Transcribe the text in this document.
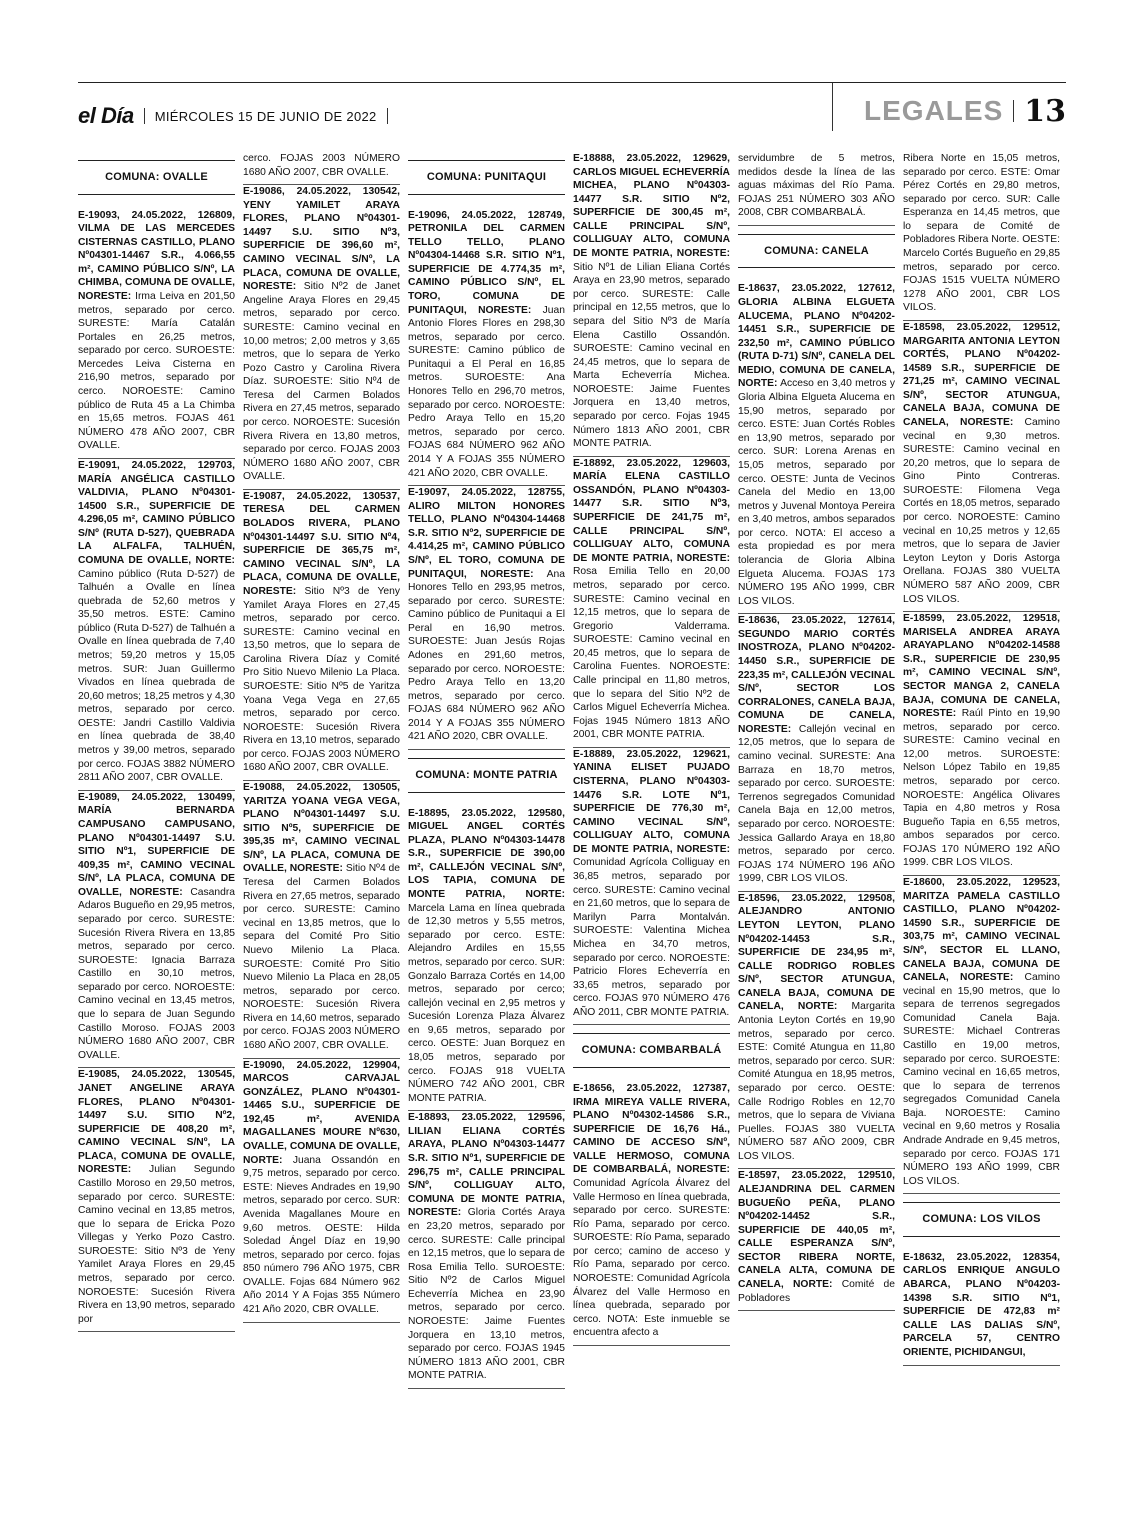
el Día MIÉRCOLES 15 DE JUNIO DE 2022	LEGALES 13
COMUNA: OVALLE

E-19093, 24.05.2022, 126809, VILMA DE LAS MERCEDES CISTERNAS CASTILLO, PLANO Nº04301-14467 S.R., 4.066,55 m², CAMINO PÚBLICO S/Nº, LA CHIMBA, COMUNA DE OVALLE, NORESTE: Irma Leiva en 201,50 metros, separado por cerco. SURESTE: María Catalán Portales en 26,25 metros, separado por cerco. SUROESTE: Mercedes Leiva Cisterna en 216,90 metros, separado por cerco. NOROESTE: Camino público de Ruta 45 a La Chimba en 15,65 metros. FOJAS 461 NÚMERO 478 AÑO 2007, CBR OVALLE.

E-19091, 24.05.2022, 129703, MARÍA ANGÉLICA CASTILLO VALDIVIA, PLANO Nº04301-14500 S.R., SUPERFICIE DE 4.296,05 m², CAMINO PÚBLICO S/Nº (RUTA D-527), QUEBRADA LA ALFALFA, TALHUÉN, COMUNA DE OVALLE, NORTE: Camino público (Ruta D-527) de Talhuén a Ovalle en línea quebrada de 52,60 metros y 35,50 metros. ESTE: Camino público (Ruta D-527) de Talhuén a Ovalle en línea quebrada de 7,40 metros; 59,20 metros y 15,05 metros. SUR: Juan Guillermo Vivados en línea quebrada de 20,60 metros; 18,25 metros y 4,30 metros, separado por cerco. OESTE: Jandri Castillo Valdivia en línea quebrada de 38,40 metros y 39,00 metros, separado por cerco. FOJAS 3882 NÚMERO 2811 AÑO 2007, CBR OVALLE.

E-19089, 24.05.2022, 130499, MARÍA BERNARDA CAMPUSANO CAMPUSANO, PLANO Nº04301-14497 S.U. SITIO Nº1, SUPERFICIE DE 409,35 m², CAMINO VECINAL S/Nº, LA PLACA, COMUNA DE OVALLE, NORESTE: Casandra Adaros Bugueño en 29,95 metros, separado por cerco. SURESTE: Sucesión Rivera Rivera en 13,85 metros, separado por cerco. SUROESTE: Ignacia Barraza Castillo en 30,10 metros, separado por cerco. NOROESTE: Camino vecinal en 13,45 metros, que lo separa de Juan Segundo Castillo Moroso. FOJAS 2003 NÚMERO 1680 AÑO 2007, CBR OVALLE.

E-19085, 24.05.2022, 130545, JANET ANGELINE ARAYA FLORES, PLANO Nº04301-14497 S.U. SITIO Nº2, SUPERFICIE DE 408,20 m², CAMINO VECINAL S/Nº, LA PLACA, COMUNA DE OVALLE, NORESTE: Julian Segundo Castillo Moroso en 29,50 metros, separado por cerco. SURESTE: Camino vecinal en 13,85 metros, que lo separa de Ericka Pozo Villegas y Yerko Pozo Castro. SUROESTE: Sitio Nº3 de Yeny Yamilet Araya Flores en 29,45 metros, separado por cerco. NOROESTE: Sucesión Rivera Rivera en 13,90 metros, separado por

cerco. FOJAS 2003 NÚMERO 1680 AÑO 2007, CBR OVALLE.

E-19086, 24.05.2022, 130542, YENY YAMILET ARAYA FLORES, PLANO Nº04301-14497 S.U. SITIO Nº3, SUPERFICIE DE 396,60 m², CAMINO VECINAL S/Nº, LA PLACA, COMUNA DE OVALLE, NORESTE: Sitio Nº2 de Janet Angeline Araya Flores en 29,45 metros, separado por cerco. SURESTE: Camino vecinal en 10,00 metros; 2,00 metros y 3,65 metros, que lo separa de Yerko Pozo Castro y Carolina Rivera Díaz. SUROESTE: Sitio Nº4 de Teresa del Carmen Bolados Rivera en 27,45 metros, separado por cerco. NOROESTE: Sucesión Rivera Rivera en 13,80 metros, separado por cerco. FOJAS 2003 NÚMERO 1680 AÑO 2007, CBR OVALLE.

E-19087, 24.05.2022, 130537, TERESA DEL CARMEN BOLADOS RIVERA, PLANO Nº04301-14497 S.U. SITIO Nº4, SUPERFICIE DE 365,75 m², CAMINO VECINAL S/Nº, LA PLACA, COMUNA DE OVALLE, NORESTE: Sitio Nº3 de Yeny Yamilet Araya Flores en 27,45 metros, separado por cerco. SURESTE: Camino vecinal en 13,50 metros, que lo separa de Carolina Rivera Díaz y Comité Pro Sitio Nuevo Milenio La Placa. SUROESTE: Sitio Nº5 de Yaritza Yoana Vega Vega en 27,65 metros, separado por cerco. NOROESTE: Sucesión Rivera Rivera en 13,10 metros, separado por cerco. FOJAS 2003 NÚMERO 1680 AÑO 2007, CBR OVALLE.

E-19088, 24.05.2022, 130505, YARITZA YOANA VEGA VEGA, PLANO Nº04301-14497 S.U. SITIO Nº5, SUPERFICIE DE 395,35 m², CAMINO VECINAL S/Nº, LA PLACA, COMUNA DE OVALLE, NORESTE: Sitio Nº4 de Teresa del Carmen Bolados Rivera en 27,65 metros, separado por cerco. SURESTE: Camino vecinal en 13,85 metros, que lo separa del Comité Pro Sitio Nuevo Milenio La Placa. SUROESTE: Comité Pro Sitio Nuevo Milenio La Placa en 28,05 metros, separado por cerco. NOROESTE: Sucesión Rivera Rivera en 14,60 metros, separado por cerco. FOJAS 2003 NÚMERO 1680 AÑO 2007, CBR OVALLE.

E-19090, 24.05.2022, 129904, MARCOS CARVAJAL GONZÁLEZ, PLANO Nº04301-14465 S.U., SUPERFICIE DE 192,45 m², AVENIDA MAGALLANES MOURE Nº630, OVALLE, COMUNA DE OVALLE, NORTE: Juana Ossandón en 9,75 metros, separado por cerco. ESTE: Nieves Andrades en 19,90 metros, separado por cerco. SUR: Avenida Magallanes Moure en 9,60 metros. OESTE: Hilda Soledad Ángel Díaz en 19,90 metros, separado por cerco. fojas 850 número 796 AÑO 1975, CBR OVALLE. Fojas 684 Número 962 Año 2014 Y A Fojas 355 Número 421 Año 2020, CBR OVALLE.

COMUNA: PUNITAQUI

E-19096, 24.05.2022, 128749, PETRONILA DEL CARMEN TELLO TELLO, PLANO Nº04304-14468 S.R. SITIO Nº1, SUPERFICIE DE 4.774,35 m², CAMINO PÚBLICO S/Nº, EL TORO, COMUNA DE PUNITAQUI, NORESTE: Juan Antonio Flores Flores en 298,30 metros, separado por cerco. SURESTE: Camino público de Punitaqui a El Peral en 16,85 metros. SUROESTE: Ana Honores Tello en 296,70 metros, separado por cerco. NOROESTE: Pedro Araya Tello en 15,20 metros, separado por cerco. FOJAS 684 NÚMERO 962 AÑO 2014 Y A FOJAS 355 NÚMERO 421 AÑO 2020, CBR OVALLE.

E-19097, 24.05.2022, 128755, ALIRO MILTON HONORES TELLO, PLANO Nº04304-14468 S.R. SITIO Nº2, SUPERFICIE DE 4.414,25 m², CAMINO PÚBLICO S/Nº, EL TORO, COMUNA DE PUNITAQUI, NORESTE: Ana Honores Tello en 293,95 metros, separado por cerco. SURESTE: Camino público de Punitaqui a El Peral en 16,90 metros. SUROESTE: Juan Jesús Rojas Adones en 291,60 metros, separado por cerco. NOROESTE: Pedro Araya Tello en 13,20 metros, separado por cerco. FOJAS 684 NÚMERO 962 AÑO 2014 Y A FOJAS 355 NÚMERO 421 AÑO 2020, CBR OVALLE.

COMUNA: MONTE PATRIA

E-18895, 23.05.2022, 129580, MIGUEL ANGEL CORTÉS PLAZA, PLANO Nº04303-14478 S.R., SUPERFICIE DE 390,00 m², CALLEJÓN VECINAL S/Nº, LOS TAPIA, COMUNA DE MONTE PATRIA, NORTE: Marcela Lama en línea quebrada de 12,30 metros y 5,55 metros, separado por cerco. ESTE: Alejandro Ardiles en 15,55 metros, separado por cerco. SUR: Gonzalo Barraza Cortés en 14,00 metros, separado por cerco; callejón vecinal en 2,95 metros y Sucesión Lorenza Plaza Álvarez en 9,65 metros, separado por cerco. OESTE: Juan Borquez en 18,05 metros, separado por cerco. FOJAS 918 VUELTA NÚMERO 742 AÑO 2001, CBR MONTE PATRIA.

E-18893, 23.05.2022, 129596, LILIAN ELIANA CORTÉS ARAYA, PLANO Nº04303-14477 S.R. SITIO Nº1, SUPERFICIE DE 296,75 m², CALLE PRINCIPAL S/Nº, COLLIGUAY ALTO, COMUNA DE MONTE PATRIA, NORESTE: Gloria Cortés Araya en 23,20 metros, separado por cerco. SURESTE: Calle principal en 12,15 metros, que lo separa de Rosa Emilia Tello. SUROESTE: Sitio Nº2 de Carlos Miguel Echeverría Michea en 23,90 metros, separado por cerco. NOROESTE: Jaime Fuentes Jorquera en 13,10 metros, separado por cerco. FOJAS 1945 NÚMERO 1813 AÑO 2001, CBR MONTE PATRIA.

E-18888, 23.05.2022, 129629, CARLOS MIGUEL ECHEVERRÍA MICHEA, PLANO Nº04303-14477 S.R. SITIO Nº2, SUPERFICIE DE 300,45 m², CALLE PRINCIPAL S/Nº, COLLIGUAY ALTO, COMUNA DE MONTE PATRIA, NORESTE: Sitio Nº1 de Lilian Eliana Cortés Araya en 23,90 metros, separado por cerco. SURESTE: Calle principal en 12,55 metros, que lo separa del Sitio Nº3 de María Elena Castillo Ossandón. SUROESTE: Camino vecinal en 24,45 metros, que lo separa de Marta Echeverría Michea. NOROESTE: Jaime Fuentes Jorquera en 13,40 metros, separado por cerco. Fojas 1945 Número 1813 AÑO 2001, CBR MONTE PATRIA.

E-18892, 23.05.2022, 129603, MARÍA ELENA CASTILLO OSSANDÓN, PLANO Nº04303-14477 S.R. SITIO Nº3, SUPERFICIE DE 241,75 m², CALLE PRINCIPAL S/Nº, COLLIGUAY ALTO, COMUNA DE MONTE PATRIA, NORESTE: Rosa Emilia Tello en 20,00 metros, separado por cerco. SURESTE: Camino vecinal en 12,15 metros, que lo separa de Gregorio Valderrama. SUROESTE: Camino vecinal en 20,45 metros, que lo separa de Carolina Fuentes. NOROESTE: Calle principal en 11,80 metros, que lo separa del Sitio Nº2 de Carlos Miguel Echeverría Michea. Fojas 1945 Número 1813 AÑO 2001, CBR MONTE PATRIA.

E-18889, 23.05.2022, 129621, YANINA ELISET PUJADO CISTERNA, PLANO Nº04303-14476 S.R. LOTE Nº1, SUPERFICIE DE 776,30 m², CAMINO VECINAL S/Nº, COLLIGUAY ALTO, COMUNA DE MONTE PATRIA, NORESTE: Comunidad Agrícola Colliguay en 36,85 metros, separado por cerco. SURESTE: Camino vecinal en 21,60 metros, que lo separa de Marilyn Parra Montalván. SUROESTE: Valentina Michea Michea en 34,70 metros, separado por cerco. NOROESTE: Patricio Flores Echeverría en 33,65 metros, separado por cerco. FOJAS 970 NÚMERO 476 AÑO 2011, CBR MONTE PATRIA.

COMUNA: COMBARBALÁ

E-18656, 23.05.2022, 127387, IRMA MIREYA VALLE RIVERA, PLANO Nº04302-14586 S.R., SUPERFICIE DE 16,76 Há., CAMINO DE ACCESO S/Nº, VALLE HERMOSO, COMUNA DE COMBARBALÁ, NORESTE: Comunidad Agrícola Álvarez del Valle Hermoso en línea quebrada, separado por cerco. SURESTE: Río Pama, separado por cerco. SUROESTE: Río Pama, separado por cerco; camino de acceso y Río Pama, separado por cerco. NOROESTE: Comunidad Agrícola Álvarez del Valle Hermoso en línea quebrada, separado por cerco. NOTA: Este inmueble se encuentra afecto a

servidumbre de 5 metros, medidos desde la línea de las aguas máximas del Río Pama. FOJAS 251 NÚMERO 303 AÑO 2008, CBR COMBARBALÁ.

COMUNA: CANELA

E-18637, 23.05.2022, 127612, GLORIA ALBINA ELGUETA ALUCEMA, PLANO Nº04202-14451 S.R., SUPERFICIE DE 232,50 m², CAMINO PÚBLICO (RUTA D-71) S/Nº, CANELA DEL MEDIO, COMUNA DE CANELA, NORTE: Acceso en 3,40 metros y Gloria Albina Elgueta Alucema en 15,90 metros, separado por cerco. ESTE: Juan Cortés Robles en 13,90 metros, separado por cerco. SUR: Lorena Arenas en 15,05 metros, separado por cerco. OESTE: Junta de Vecinos Canela del Medio en 13,00 metros y Juvenal Montoya Pereira en 3,40 metros, ambos separados por cerco. NOTA: El acceso a esta propiedad es por mera tolerancia de Gloria Albina Elgueta Alucema. FOJAS 173 NÚMERO 195 AÑO 1999, CBR LOS VILOS.

E-18636, 23.05.2022, 127614, SEGUNDO MARIO CORTÉS INOSTROZA, PLANO Nº04202-14450 S.R., SUPERFICIE DE 223,35 m², CALLEJÓN VECINAL S/Nº, SECTOR LOS CORRALONES, CANELA BAJA, COMUNA DE CANELA, NORESTE: Callejón vecinal en 12,05 metros, que lo separa de camino vecinal. SURESTE: Ana Barraza en 18,70 metros, separado por cerco. SUROESTE: Terrenos segregados Comunidad Canela Baja en 12,00 metros, separado por cerco. NOROESTE: Jessica Gallardo Araya en 18,80 metros, separado por cerco. FOJAS 174 NÚMERO 196 AÑO 1999, CBR LOS VILOS.

E-18596, 23.05.2022, 129508, ALEJANDRO ANTONIO LEYTON LEYTON, PLANO Nº04202-14453 S.R., SUPERFICIE DE 234,95 m², CALLE RODRIGO ROBLES S/Nº, SECTOR ATUNGUA, CANELA BAJA, COMUNA DE CANELA, NORTE: Margarita Antonia Leyton Cortés en 19,90 metros, separado por cerco. ESTE: Comité Atungua en 11,80 metros, separado por cerco. SUR: Comité Atungua en 18,95 metros, separado por cerco. OESTE: Calle Rodrigo Robles en 12,70 metros, que lo separa de Viviana Puelles. FOJAS 380 VUELTA NÚMERO 587 AÑO 2009, CBR LOS VILOS.

E-18597, 23.05.2022, 129510, ALEJANDRINA DEL CARMEN BUGUEÑO PEÑA, PLANO Nº04202-14452 S.R., SUPERFICIE DE 440,05 m², CALLE ESPERANZA S/Nº, SECTOR RIBERA NORTE, CANELA ALTA, COMUNA DE CANELA, NORTE: Comité de Pobladores

Ribera Norte en 15,05 metros, separado por cerco. ESTE: Omar Pérez Cortés en 29,80 metros, separado por cerco. SUR: Calle Esperanza en 14,45 metros, que lo separa de Comité de Pobladores Ribera Norte. OESTE: Marcelo Cortés Bugueño en 29,85 metros, separado por cerco. FOJAS 1515 VUELTA NÚMERO 1278 AÑO 2001, CBR LOS VILOS.

E-18598, 23.05.2022, 129512, MARGARITA ANTONIA LEYTON CORTÉS, PLANO Nº04202-14589 S.R., SUPERFICIE DE 271,25 m², CAMINO VECINAL S/Nº, SECTOR ATUNGUA, CANELA BAJA, COMUNA DE CANELA, NORESTE: Camino vecinal en 9,30 metros. SURESTE: Camino vecinal en 20,20 metros, que lo separa de Gino Pinto Contreras. SUROESTE: Filomena Vega Cortés en 18,05 metros, separado por cerco. NOROESTE: Camino vecinal en 10,25 metros y 12,65 metros, que lo separa de Javier Leyton Leyton y Doris Astorga Orellana. FOJAS 380 VUELTA NÚMERO 587 AÑO 2009, CBR LOS VILOS.

E-18599, 23.05.2022, 129518, MARISELA ANDREA ARAYA ARAYAPLANO Nº04202-14588 S.R., SUPERFICIE DE 230,95 m², CAMINO VECINAL S/Nº, SECTOR MANGA 2, CANELA BAJA, COMUNA DE CANELA, NORESTE: Raúl Pinto en 19,90 metros, separado por cerco. SURESTE: Camino vecinal en 12,00 metros. SUROESTE: Nelson López Tabilo en 19,85 metros, separado por cerco. NOROESTE: Angélica Olivares Tapia en 4,80 metros y Rosa Bugueño Tapia en 6,55 metros, ambos separados por cerco. FOJAS 170 NÚMERO 192 AÑO 1999. CBR LOS VILOS.

E-18600, 23.05.2022, 129523, MARITZA PAMELA CASTILLO CASTILLO, PLANO Nº04202-14590 S.R., SUPERFICIE DE 303,75 m², CAMINO VECINAL S/Nº, SECTOR EL LLANO, CANELA BAJA, COMUNA DE CANELA, NORESTE: Camino vecinal en 15,90 metros, que lo separa de terrenos segregados Comunidad Canela Baja. SURESTE: Michael Contreras Castillo en 19,00 metros, separado por cerco. SUROESTE: Camino vecinal en 16,65 metros, que lo separa de terrenos segregados Comunidad Canela Baja. NOROESTE: Camino vecinal en 9,60 metros y Rosalia Andrade Andrade en 9,45 metros, separado por cerco. FOJAS 171 NÚMERO 193 AÑO 1999, CBR LOS VILOS.

COMUNA: LOS VILOS

E-18632, 23.05.2022, 128354, CARLOS ENRIQUE ANGULO ABARCA, PLANO Nº04203-14398 S.R. SITIO Nº1, SUPERFICIE DE 472,83 m² CALLE LAS DALIAS S/Nº, PARCELA 57, CENTRO ORIENTE, PICHIDANGUI,
